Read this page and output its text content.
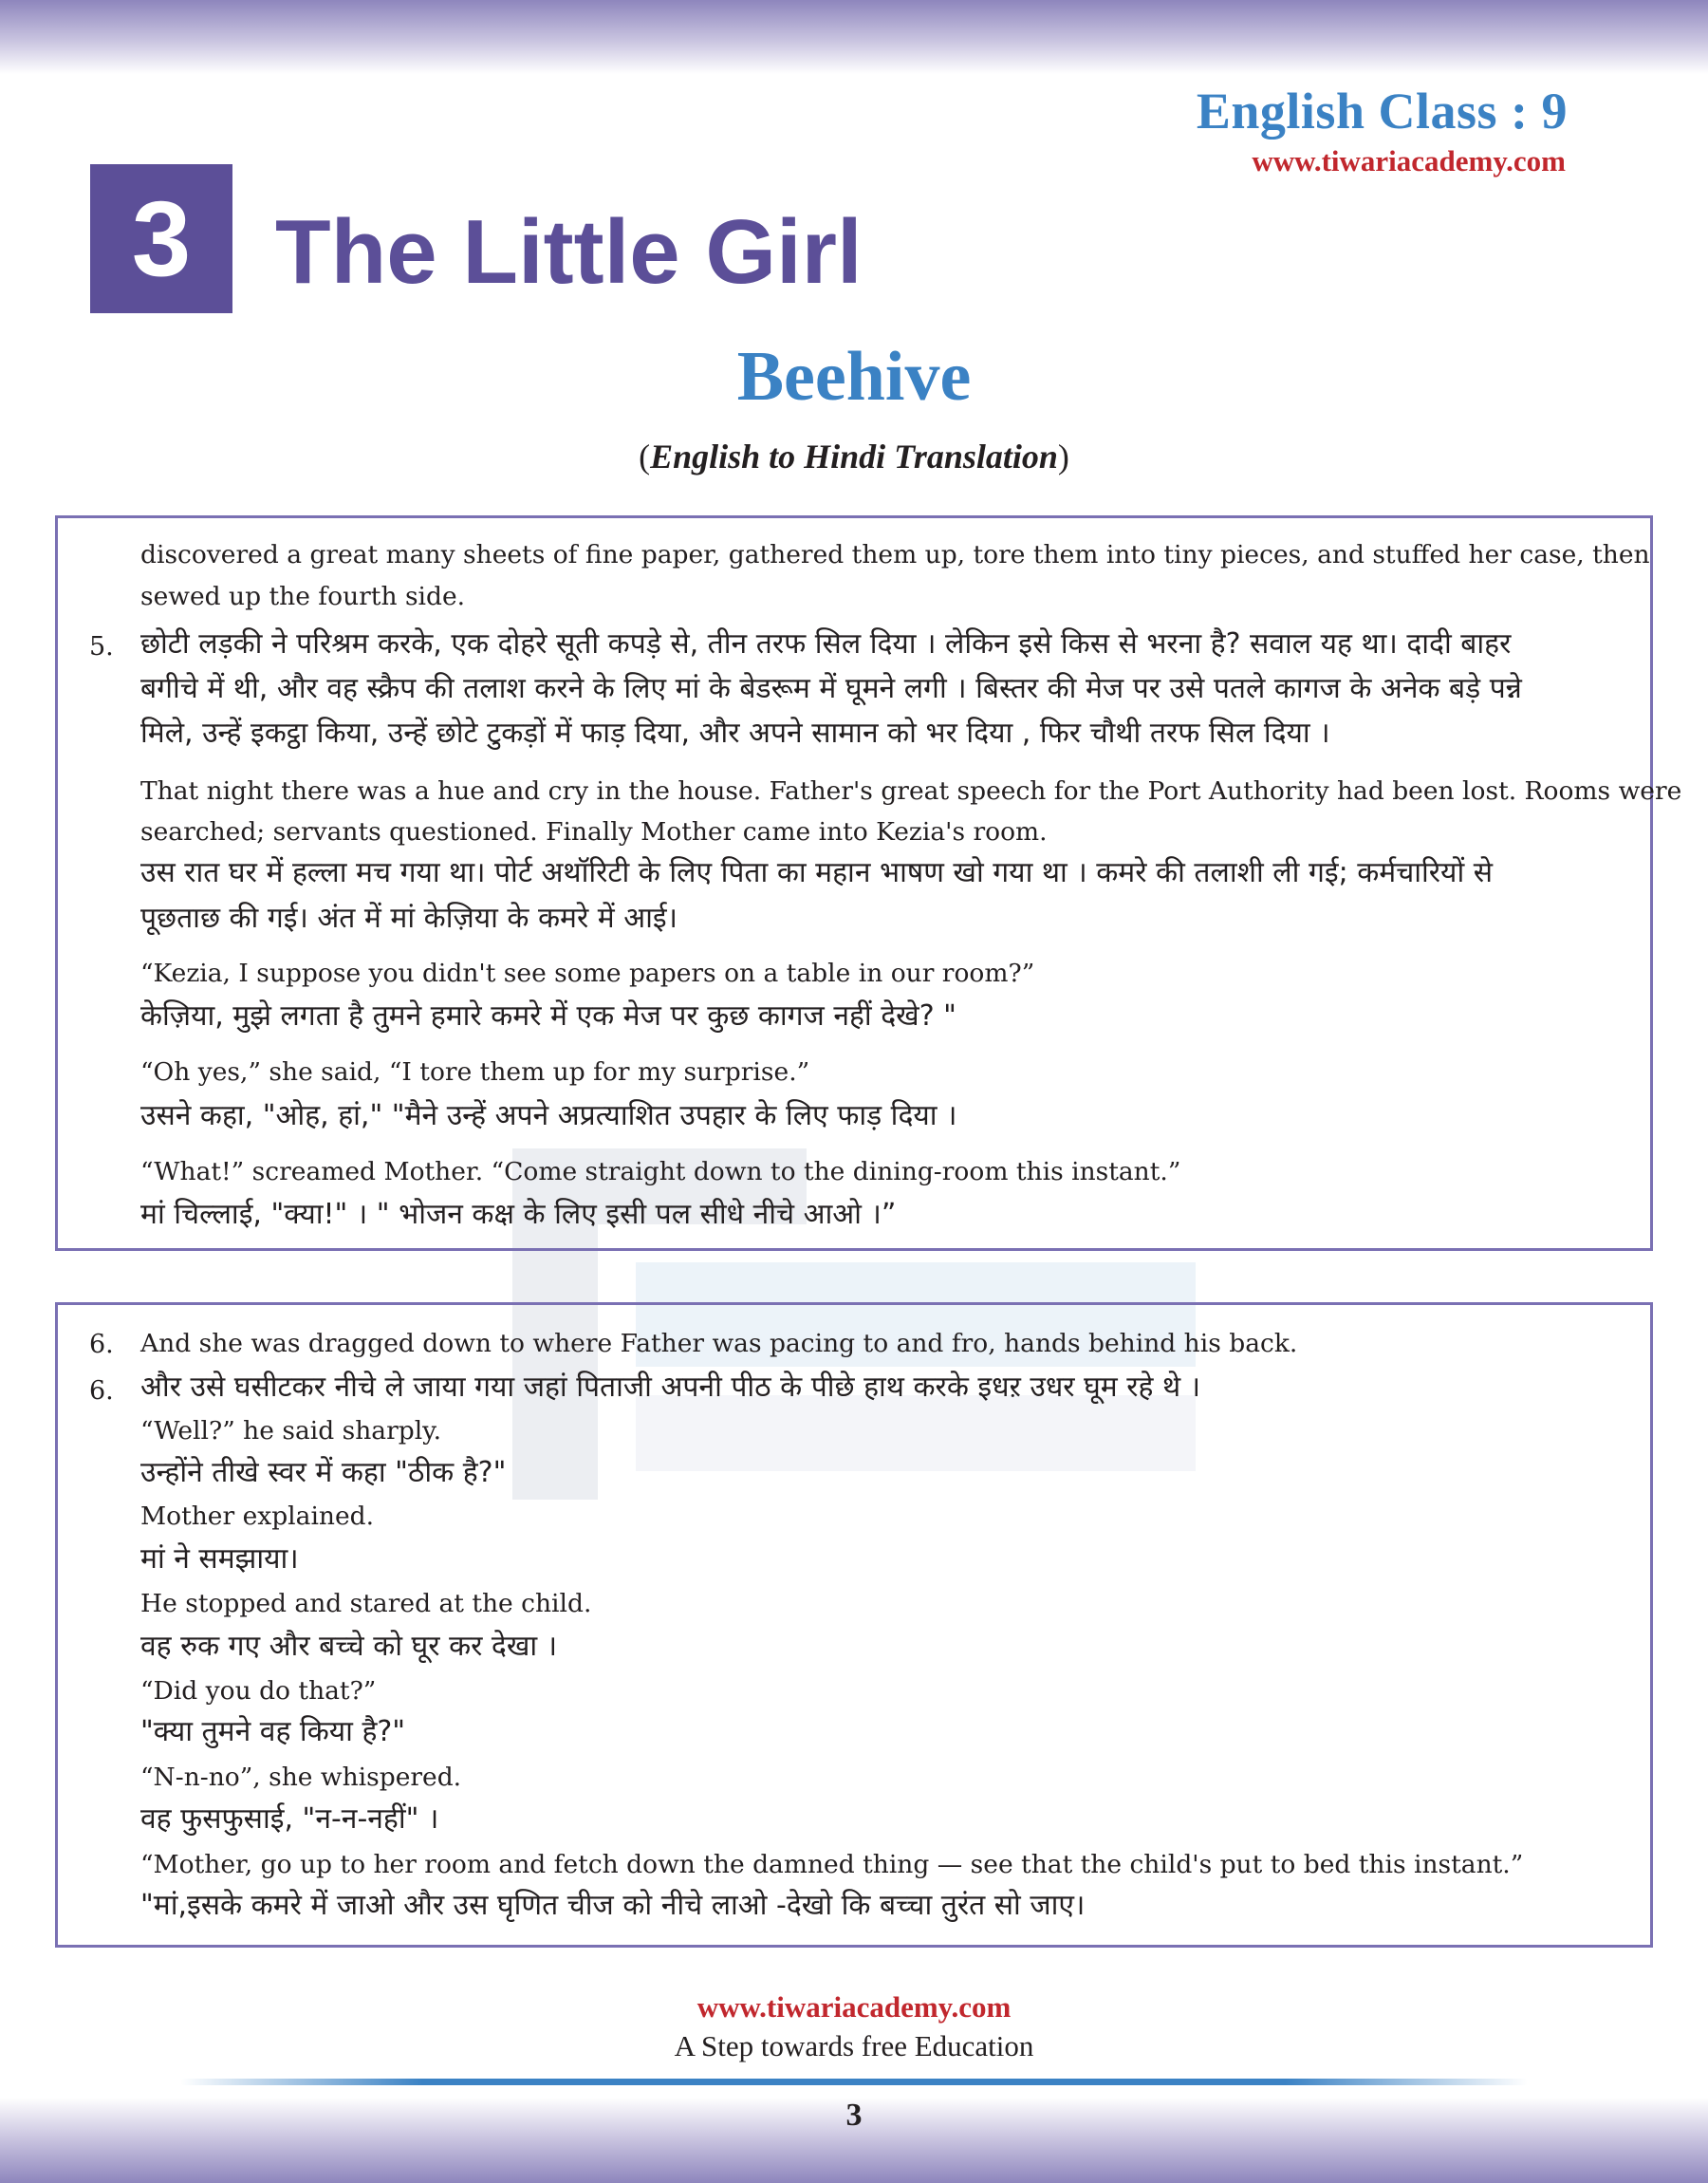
English Class : 9
www.tiwariacademy.com
3 The Little Girl
Beehive
(English to Hindi Translation)
discovered a great many sheets of fine paper, gathered them up, tore them into tiny pieces, and stuffed her case, then
sewed up the fourth side.
5. छोटी लड़की ने परिश्रम करके, एक दोहरे सूती कपड़े से, तीन तरफ सिल दिया । लेकिन इसे किस से भरना है? सवाल यह था। दादी बाहर
बगीचे में थी, और वह स्क्रैप की तलाश करने के लिए मां के बेडरूम में घूमने लगी । बिस्तर की मेज पर उसे पतले कागज के अनेक बड़े पन्ने
मिले, उन्हें इकट्ठा किया, उन्हें छोटे टुकड़ों में फाड़ दिया, और अपने सामान को भर दिया , फिर चौथी तरफ सिल दिया ।
That night there was a hue and cry in the house. Father's great speech for the Port Authority had been lost. Rooms were
searched; servants questioned. Finally Mother came into Kezia's room.
उस रात घर में हल्ला मच गया था। पोर्ट अथॉरिटी के लिए पिता का महान भाषण खो गया था । कमरे की तलाशी ली गई; कर्मचारियों से
पूछताछ की गई। अंत में मां केज़िया के कमरे में आई।
“Kezia, I suppose you didn't see some papers on a table in our room?”
केज़िया, मुझे लगता है तुमने हमारे कमरे में एक मेज पर कुछ कागज नहीं देखे? "
“Oh yes,” she said, “I tore them up for my surprise.”
उसने कहा, "ओह, हां," "मैने उन्हें अपने अप्रत्याशित उपहार के लिए फाड़ दिया ।
“What!” screamed Mother. “Come straight down to the dining-room this instant.”
मां चिल्लाई, "क्या!" । " भोजन कक्ष के लिए इसी पल सीधे नीचे आओ ।”
6. And she was dragged down to where Father was pacing to and fro, hands behind his back.
6. और उसे घसीटकर नीचे ले जाया गया जहां पिताजी अपनी पीठ के पीछे हाथ करके इधऱ उधर घूम रहे थे ।
“Well?” he said sharply.
उन्होंने तीखे स्वर में कहा "ठीक है?"
Mother explained.
मां ने समझाया।
He stopped and stared at the child.
वह रुक गए और बच्चे को घूर कर देखा ।
“Did you do that?”
"क्या तुमने वह किया है?"
“N-n-no”, she whispered.
वह फुसफुसाई, "न-न-नहीं" ।
“Mother, go up to her room and fetch down the damned thing — see that the child's put to bed this instant.”
"मां,इसके कमरे में जाओ और उस घृणित चीज को नीचे लाओ -देखो कि बच्चा तुरंत सो जाए।
www.tiwariacademy.com
A Step towards free Education
3
